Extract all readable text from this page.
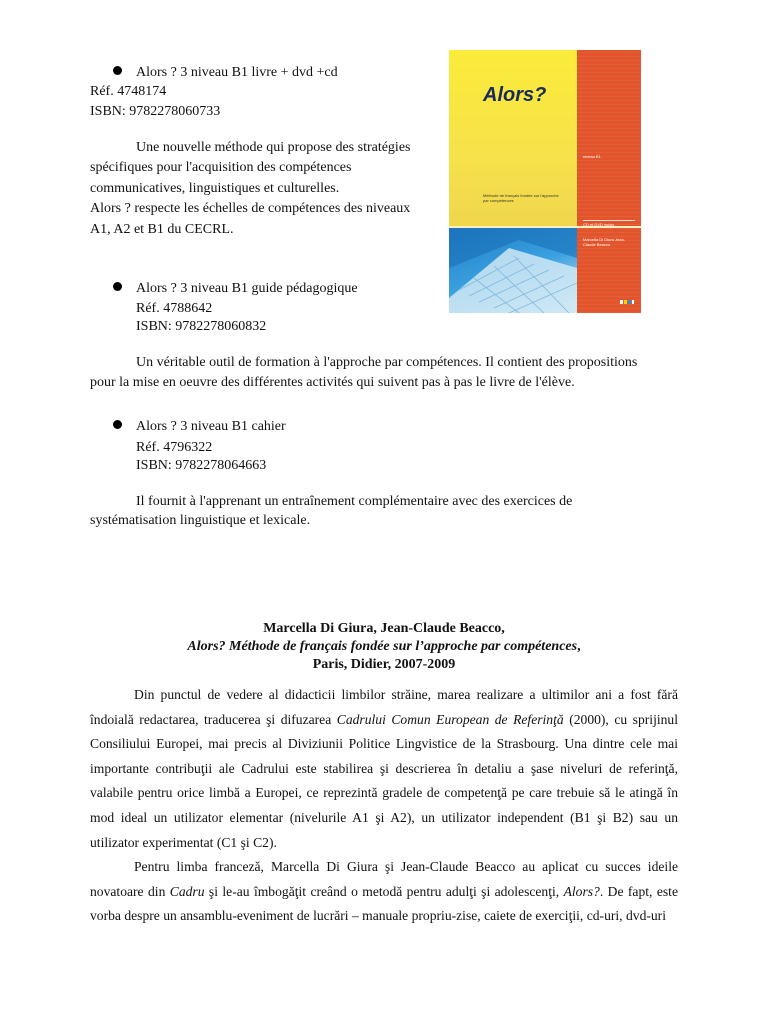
Alors ? 3 niveau B1 livre + dvd +cd
Réf. 4748174
ISBN: 9782278060733
Une nouvelle méthode qui propose des stratégies
spécifiques pour l'acquisition des compétences
communicatives, linguistiques et culturelles.
Alors ? respecte les échelles de compétences des niveaux
A1, A2 et B1 du CECRL.
Alors?
niveau B1
Méthode de français fondée sur l'approche par compétences
CD et DVD inclus
Marcella Di Giura Jean-Claude Beacco
Alors ? 3 niveau B1 guide pédagogique
Réf. 4788642
ISBN: 9782278060832
Un véritable outil de formation à l'approche par compétences. Il contient des propositions
pour la mise en oeuvre des différentes activités qui suivent pas à pas le livre de l'élève.
Alors ? 3 niveau B1 cahier
Réf. 4796322
ISBN: 9782278064663
Il fournit à l'apprenant un entraînement complémentaire avec des exercices de
systématisation linguistique et lexicale.
Marcella Di Giura, Jean-Claude Beacco,
Alors? Méthode de français fondée sur l’approche par compétences,
Paris, Didier, 2007-2009

Din punctul de vedere al didacticii limbilor străine, marea realizare a ultimilor ani a fost fără îndoială redactarea, traducerea şi difuzarea Cadrului Comun European de Referinţă (2000), cu sprijinul Consiliului Europei, mai precis al Diviziunii Politice Lingvistice de la Strasbourg. Una dintre cele mai importante contribuţii ale Cadrului este stabilirea şi descrierea în detaliu a şase niveluri de referinţă, valabile pentru orice limbă a Europei, ce reprezintă gradele de competenţă pe care trebuie să le atingă în mod ideal un utilizator elementar (nivelurile A1 şi A2), un utilizator independent (B1 şi B2) sau un utilizator experimentat (C1 şi C2).

Pentru limba franceză, Marcella Di Giura şi Jean-Claude Beacco au aplicat cu succes ideile novatoare din Cadru şi le-au îmbogăţit creând o metodă pentru adulţi şi adolescenţi, Alors?. De fapt, este vorba despre un ansamblu-eveniment de lucrări – manuale propriu-zise, caiete de exerciţii, cd-uri, dvd-uri
